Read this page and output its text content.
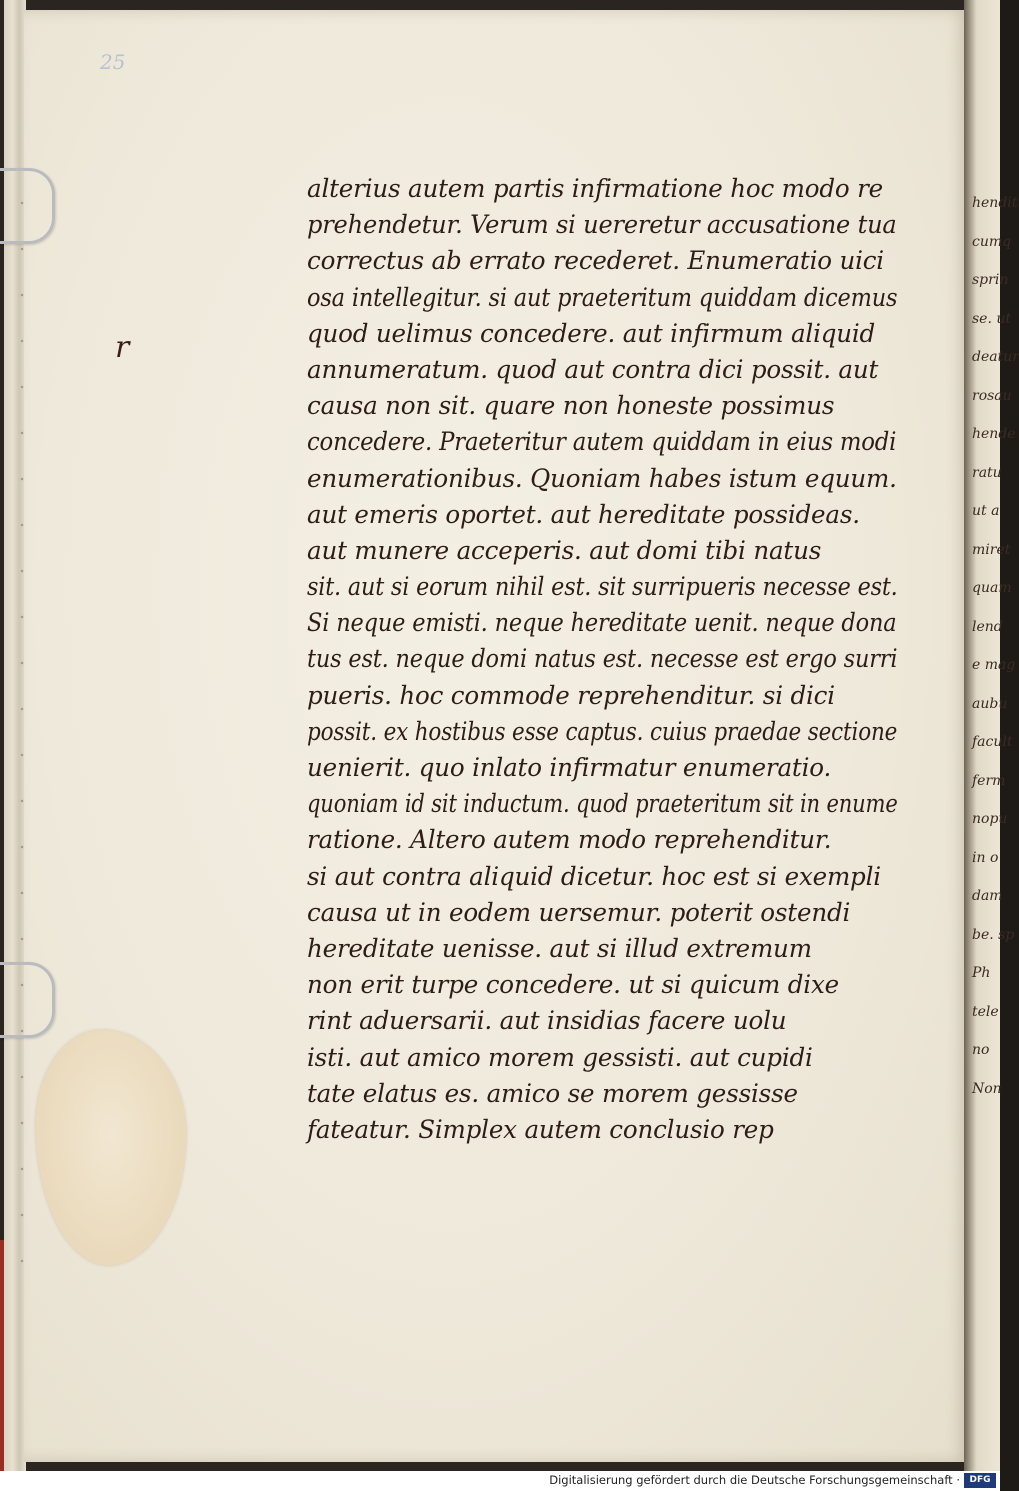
25
r
alterius autem partis infirmatione hoc modo re
prehendetur. Verum si uereretur accusatione tua
correctus ab errato recederet. Enumeratio uici
osa intellegitur. si aut praeteritum quiddam dicemus
quod uelimus concedere. aut infirmum aliquid
annumeratum. quod aut contra dici possit. aut
causa non sit. quare non honeste possimus
concedere. Praeteritur autem quiddam in eius modi
enumerationibus. Quoniam habes istum equum.
aut emeris oportet. aut hereditate possideas.
aut munere acceperis. aut domi tibi natus
sit. aut si eorum nihil est. sit surripueris necesse est.
Si neque emisti. neque hereditate uenit. neque dona
tus est. neque domi natus est. necesse est ergo surri
pueris. hoc commode reprehenditur. si dici
possit. ex hostibus esse captus. cuius praedae sectione
uenierit. quo inlato infirmatur enumeratio.
quoniam id sit inductum. quod praeteritum sit in enume
ratione. Altero autem modo reprehenditur.
si aut contra aliquid dicetur. hoc est si exempli
causa ut in eodem uersemur. poterit ostendi
hereditate uenisse. aut si illud extremum
non erit turpe concedere. ut si quicum dixe
rint aduersarii. aut insidias facere uolu
isti. aut amico morem gessisti. aut cupidi
tate elatus es. amico se morem gessisse
fateatur. Simplex autem conclusio rep
hendit
cumq
sprin
se. ut
deatur
rosau
hende
ratu
ut a
miret
quam
lend
e mag
aubu
facult
ferm
nopu
in o
dam
be. sp
Ph
tele
no
Non
Digitalisierung gefördert durch die Deutsche Forschungsgemeinschaft ·	DFG
